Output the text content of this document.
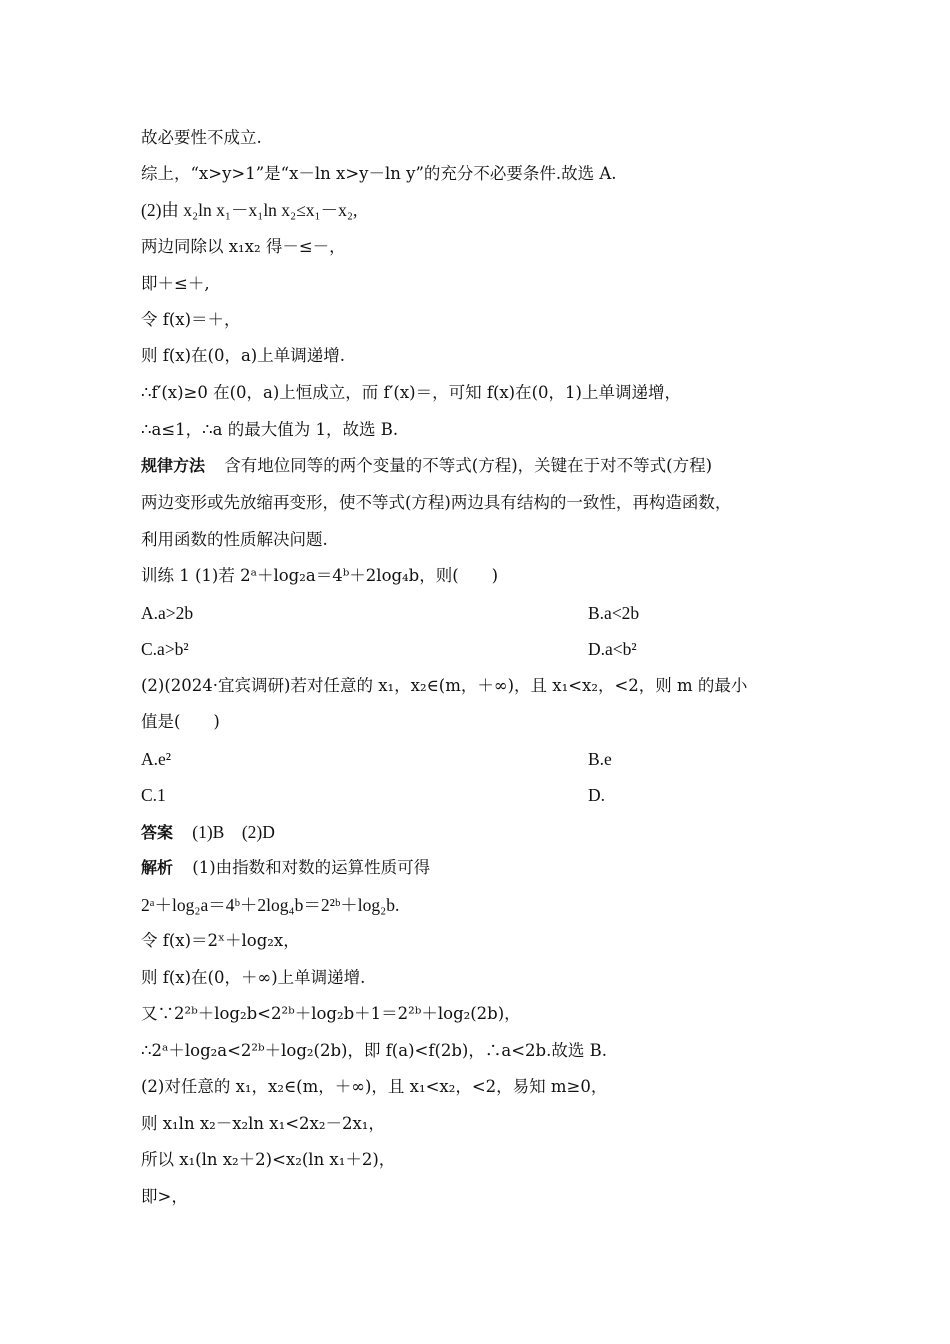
故必要性不成立.
综上，“x>y>1”是“x－ln x>y－ln y”的充分不必要条件.故选 A.
(2)由 x₂ln x₁－x₁ln x₂≤x₁－x₂,
两边同除以 x₁x₂ 得－≤－，
即＋≤＋,
令 f(x)＝＋，
则 f(x)在(0，a)上单调递增.
∴f′(x)≥0 在(0，a)上恒成立，而 f′(x)＝，可知 f(x)在(0，1)上单调递增，
∴a≤1，∴a 的最大值为 1，故选 B.
规律方法 含有地位同等的两个变量的不等式(方程)，关键在于对不等式(方程)
两边变形或先放缩再变形，使不等式(方程)两边具有结构的一致性，再构造函数，
利用函数的性质解决问题.
训练 1 (1)若 2ᵃ＋log₂a＝4ᵇ＋2log₄b，则(　　)
A.a>2b	B.a<2b
C.a>b²	D.a<b²
(2)(2024·宜宾调研)若对任意的 x₁，x₂∈(m，＋∞)，且 x₁<x₂，<2，则 m 的最小
值是(　　)
A.e²	B.e
C.1	D.
答案 (1)B　(2)D
解析 (1)由指数和对数的运算性质可得
2ᵃ＋log₂a＝4ᵇ＋2log₄b＝2²ᵇ＋log₂b.
令 f(x)＝2ˣ＋log₂x，
则 f(x)在(0，＋∞)上单调递增.
又∵2²ᵇ＋log₂b<2²ᵇ＋log₂b＋1＝2²ᵇ＋log₂(2b)，
∴2ᵃ＋log₂a<2²ᵇ＋log₂(2b)，即 f(a)<f(2b)，∴a<2b.故选 B.
(2)对任意的 x₁，x₂∈(m，＋∞)，且 x₁<x₂，<2，易知 m≥0，
则 x₁ln x₂－x₂ln x₁<2x₂－2x₁，
所以 x₁(ln x₂＋2)<x₂(ln x₁＋2)，
即>，
